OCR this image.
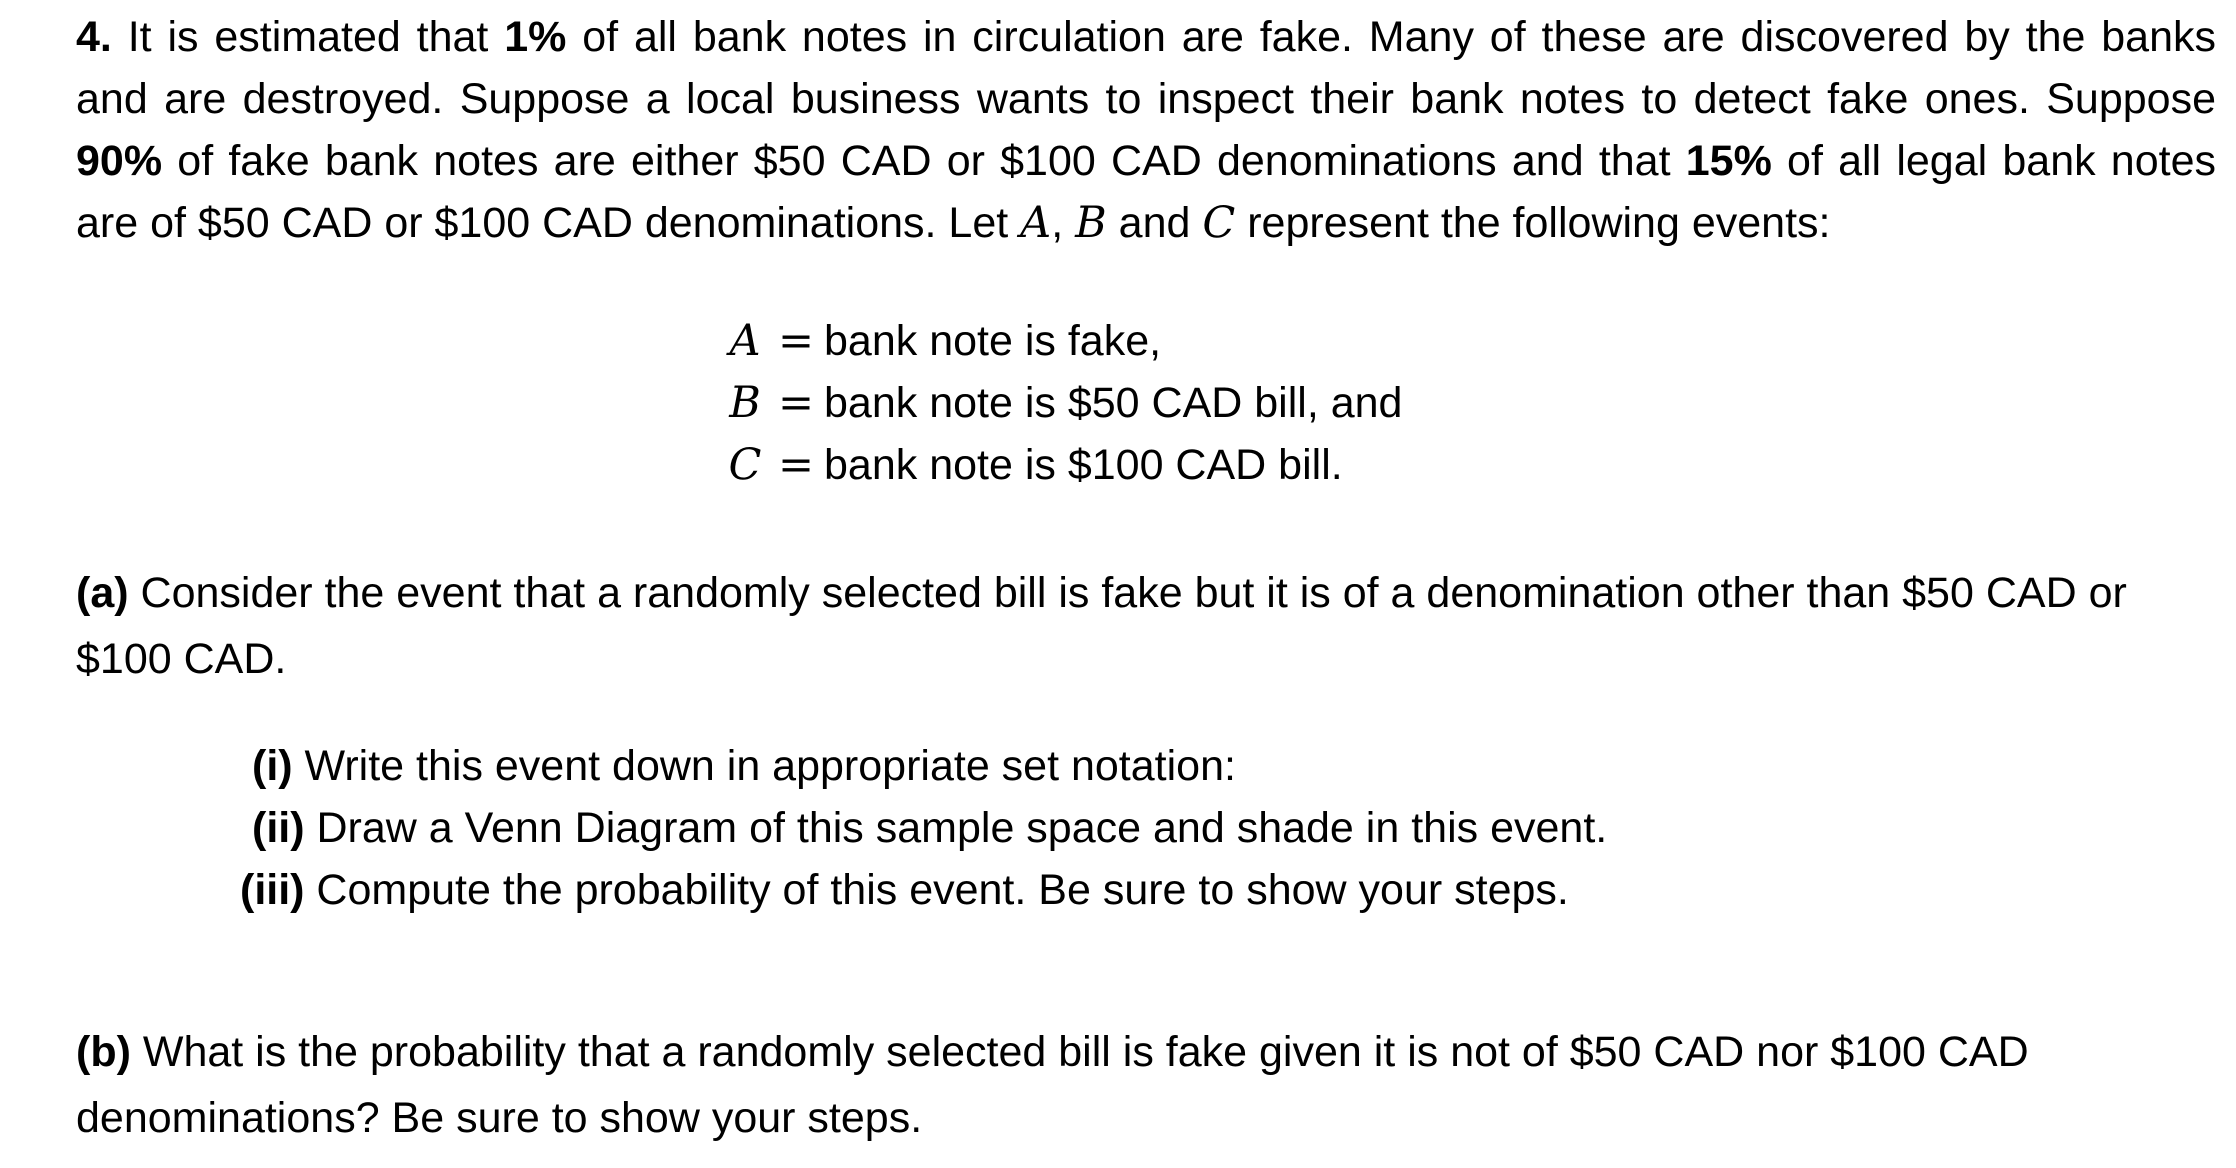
4. It is estimated that 1% of all bank notes in circulation are fake. Many of these are discovered by the banks and are destroyed. Suppose a local business wants to inspect their bank notes to detect fake ones. Suppose 90% of fake bank notes are either $50 CAD or $100 CAD denominations and that 15% of all legal bank notes are of $50 CAD or $100 CAD denominations. Let A, B and C represent the following events:

A = bank note is fake,
B = bank note is $50 CAD bill, and
C = bank note is $100 CAD bill.
(a) Consider the event that a randomly selected bill is fake but it is of a denomination other than $50 CAD or $100 CAD.
(i) Write this event down in appropriate set notation:
(ii) Draw a Venn Diagram of this sample space and shade in this event.
(iii) Compute the probability of this event. Be sure to show your steps.
(b) What is the probability that a randomly selected bill is fake given it is not of $50 CAD nor $100 CAD denominations? Be sure to show your steps.
